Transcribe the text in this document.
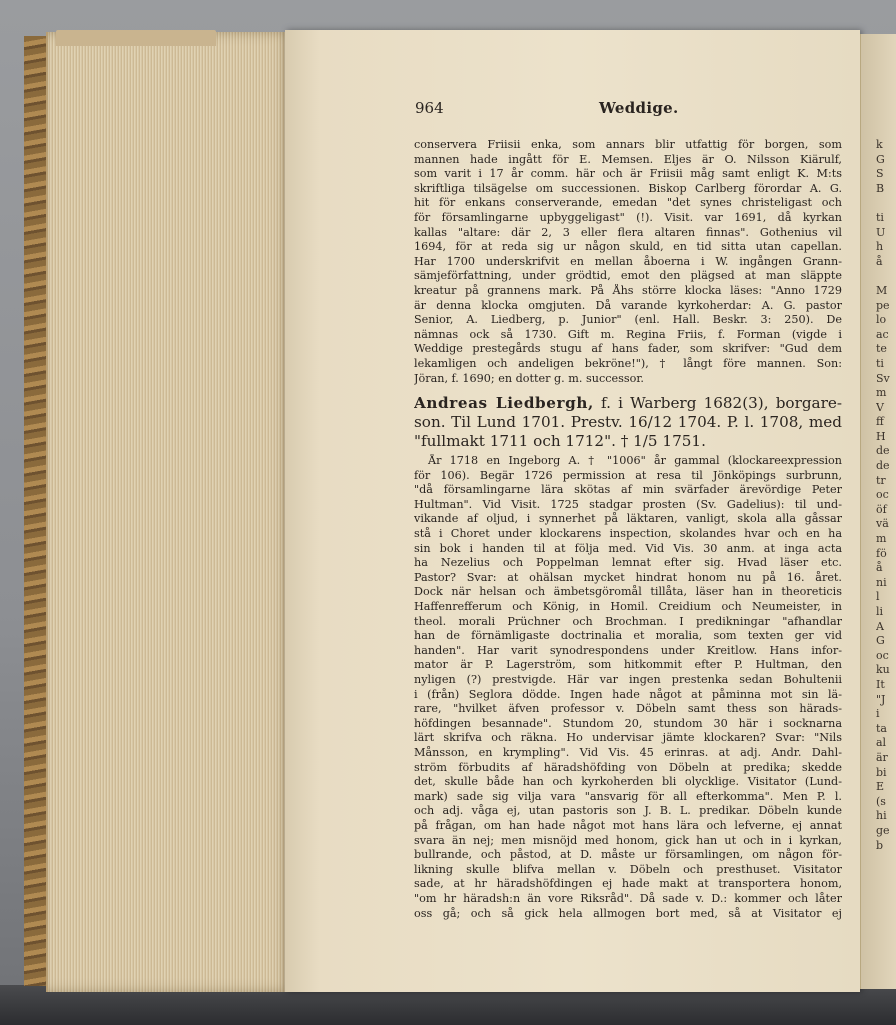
964	Weddige.
conservera Friisii enka, som annars blir utfattig för borgen, som
mannen hade ingått för E. Memsen. Eljes är O. Nilsson Kiärulf,
som varit i 17 år comm. här och är Friisii måg samt enligt K. M:ts
skriftliga tilsägelse om successionen. Biskop Carlberg förordar A. G.
hit för enkans conserverande, emedan "det synes christeligast och
för församlingarne upbyggeligast" (!). Visit. var 1691, då kyrkan
kallas "altare: där 2, 3 eller flera altaren finnas". Gothenius vil
1694, för at reda sig ur någon skuld, en tid sitta utan capellan.
Har 1700 underskrifvit en mellan åboerna i W. ingången Grann-
sämjeförfattning, under grödtid, emot den plägsed at man släppte
kreatur på grannens mark. På Åhs större klocka läses: "Anno 1729
är denna klocka omgjuten. Då varande kyrkoherdar: A. G. pastor
Senior, A. Liedberg, p. Junior" (enl. Hall. Beskr. 3: 250). De
nämnas ock så 1730. Gift m. Regina Friis, f. Forman (vigde i
Weddige prestegårds stugu af hans fader, som skrifver: "Gud dem
lekamligen och andeligen bekröne!"), † långt före mannen. Son:
Jöran, f. 1690; en dotter g. m. successor.
Andreas Liedbergh, f. i Warberg 1682(3), borgare-
son. Til Lund 1701. Prestv. 16/12 1704. P. l. 1708, med
"fullmakt 1711 och 1712". † 1/5 1751.
År 1718 en Ingeborg A. † "1006" år gammal (klockareexpression
för 106). Begär 1726 permission at resa til Jönköpings surbrunn,
"då församlingarne lära skötas af min svärfader ärevördige Peter
Hultman". Vid Visit. 1725 stadgar prosten (Sv. Gadelius): til und-
vikande af oljud, i synnerhet på läktaren, vanligt, skola alla gåssar
stå i Choret under klockarens inspection, skolandes hvar och en ha
sin bok i handen til at följa med. Vid Vis. 30 anm. at inga acta
ha Nezelius och Poppelman lemnat efter sig. Hvad läser etc.
Pastor? Svar: at ohälsan mycket hindrat honom nu på 16. året.
Dock när helsan och ämbetsgöromål tillåta, läser han in theoreticis
Haffenrefferum och König, in Homil. Creidium och Neumeister, in
theol. morali Prüchner och Brochman. I predikningar "afhandlar
han de förnämligaste doctrinalia et moralia, som texten ger vid
handen". Har varit synodrespondens under Kreitlow. Hans infor-
mator är P. Lagerström, som hitkommit efter P. Hultman, den
nyligen (?) prestvigde. Här var ingen prestenka sedan Bohultenii
i (från) Seglora dödde. Ingen hade något at påminna mot sin lä-
rare, "hvilket äfven professor v. Döbeln samt thess son härads-
höfdingen besannade". Stundom 20, stundom 30 här i socknarna
lärt skrifva och räkna. Ho undervisar jämte klockaren? Svar: "Nils
Månsson, en krympling". Vid Vis. 45 erinras. at adj. Andr. Dahl-
ström förbudits af häradshöfding von Döbeln at predika; skedde
det, skulle både han och kyrkoherden bli olycklige. Visitator (Lund-
mark) sade sig vilja vara "ansvarig för all efterkomma". Men P. l.
och adj. våga ej, utan pastoris son J. B. L. predikar. Döbeln kunde
på frågan, om han hade något mot hans lära och lefverne, ej annat
svara än nej; men misnöjd med honom, gick han ut och in i kyrkan,
bullrande, och påstod, at D. måste ur församlingen, om någon för-
likning skulle blifva mellan v. Döbeln och presthuset. Visitator
sade, at hr häradshöfdingen ej hade makt at transportera honom,
"om hr häradsh:n än vore Riksråd". Då sade v. D.: kommer och låter
oss gå; och så gick hela allmogen bort med, så at Visitator ej
k
G
S
B
ti
U
h
å
M
pe
lo
ac
te
ti
Sv
m
V
ff
H
de
de
tr
oc
öf
vä
m
fö
å
ni
l
li
A
G
oc
ku
It
"J
i
ta
al
är
bi
E
(s
hi
ge
b
